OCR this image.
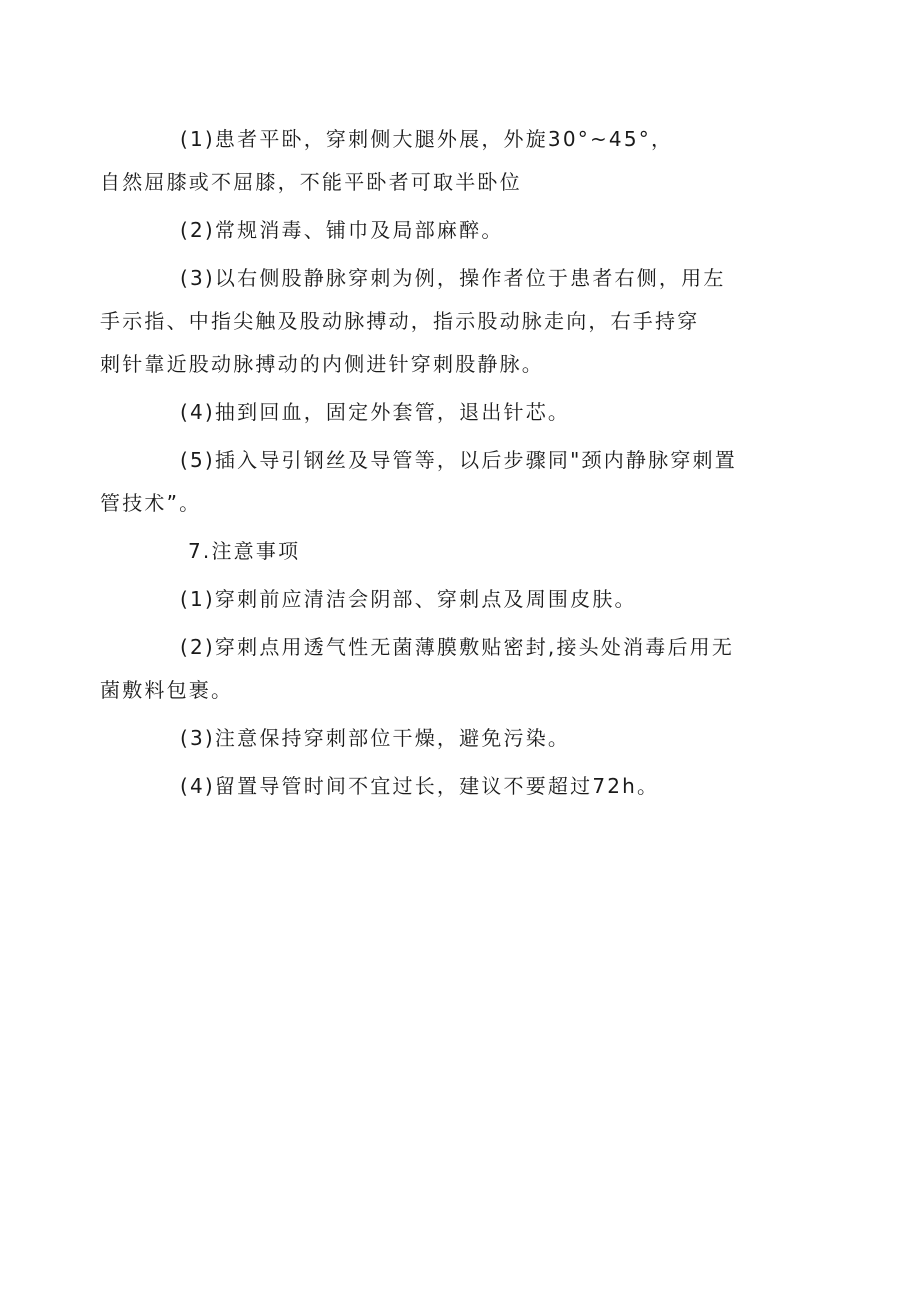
(1)患者平卧，穿刺侧大腿外展，外旋30°~45°，
自然屈膝或不屈膝，不能平卧者可取半卧位

(2)常规消毒、铺巾及局部麻醉。

(3)以右侧股静脉穿刺为例，操作者位于患者右侧，用左
手示指、中指尖触及股动脉搏动，指示股动脉走向，右手持穿
刺针靠近股动脉搏动的内侧进针穿刺股静脉。

(4)抽到回血，固定外套管，退出针芯。

(5)插入导引钢丝及导管等，以后步骤同"颈内静脉穿刺置
管技术”。

7.注意事项

(1)穿刺前应清洁会阴部、穿刺点及周围皮肤。

(2)穿刺点用透气性无菌薄膜敷贴密封,接头处消毒后用无
菌敷料包裹。

(3)注意保持穿刺部位干燥，避免污染。

(4)留置导管时间不宜过长，建议不要超过72h。
